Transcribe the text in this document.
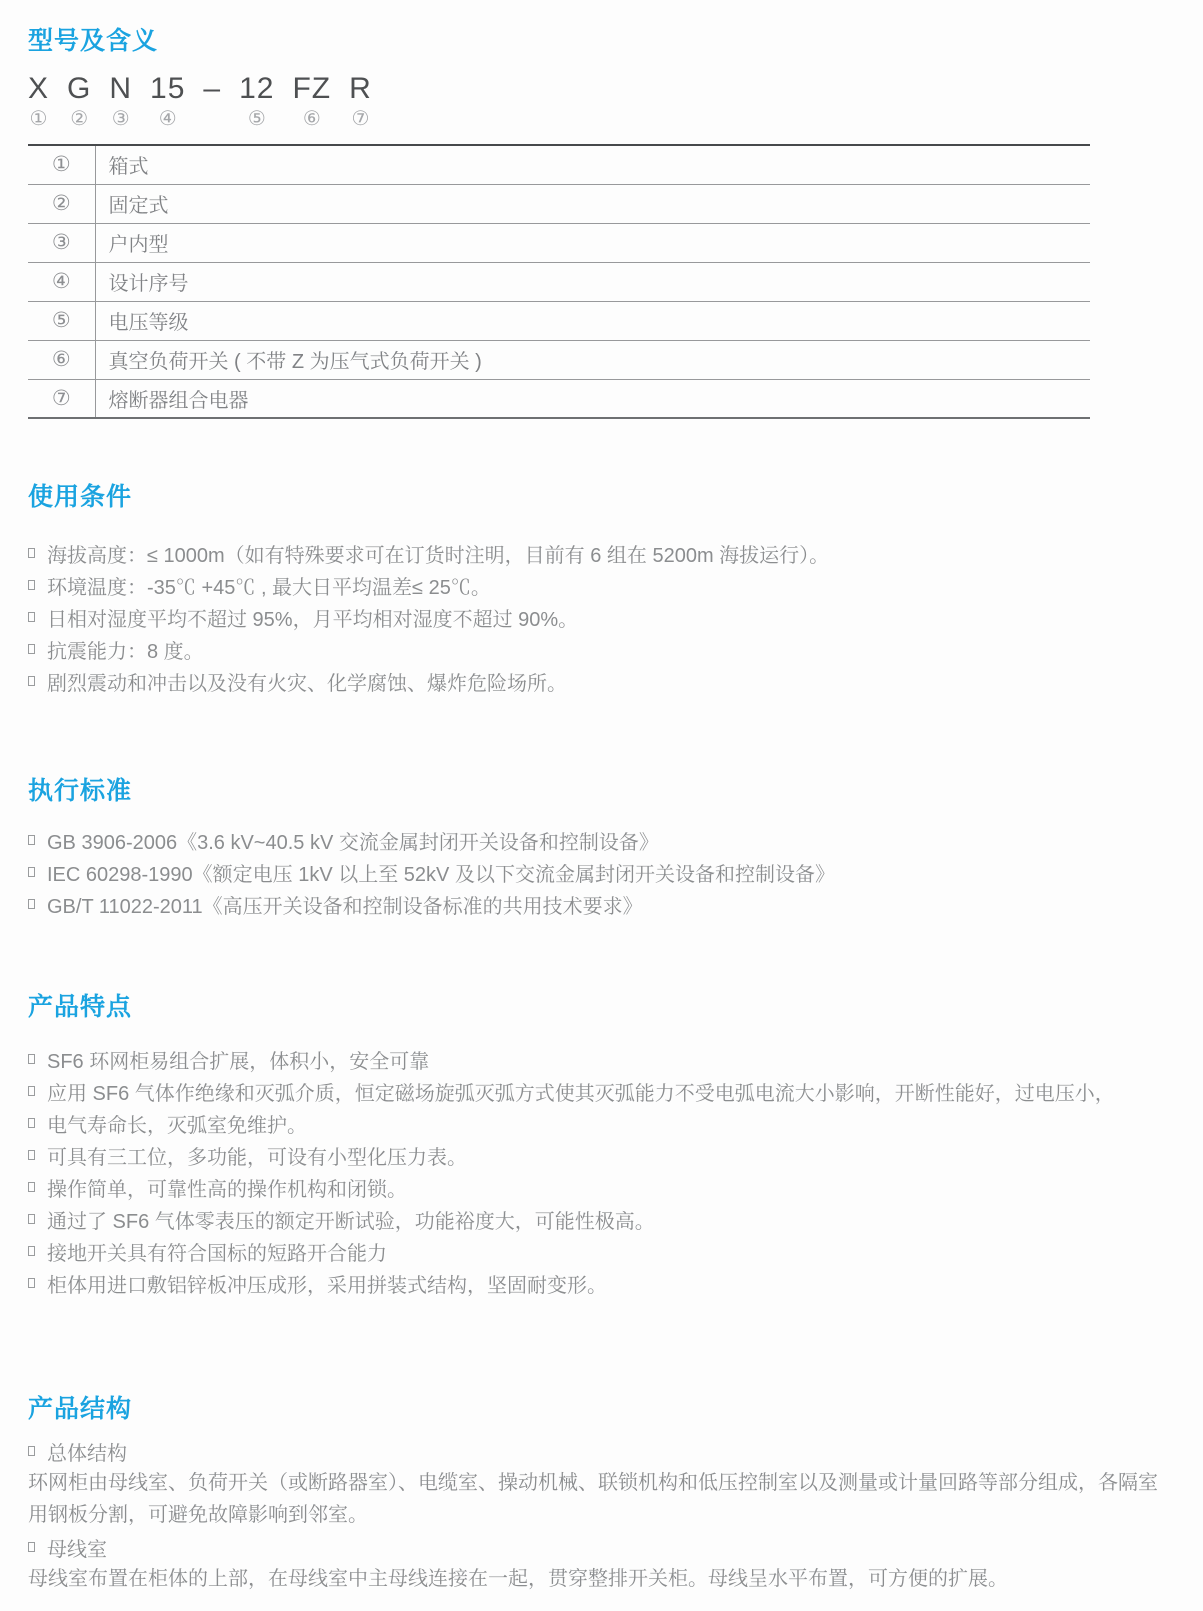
型号及含义
X
①
G
②
N
③
15
④
– 12
⑤
FZ
⑥
R
⑦
①	箱式
②	固定式
③	户内型
④	设计序号
⑤	电压等级
⑥	真空负荷开关 ( 不带 Z 为压气式负荷开关 )
⑦	熔断器组合电器
使用条件
海拔高度：≤ 1000m（如有特殊要求可在订货时注明，目前有 6 组在 5200m 海拔运行）。
环境温度：-35℃ +45℃ , 最大日平均温差≤ 25℃。
日相对湿度平均不超过 95%，月平均相对湿度不超过 90%。
抗震能力：8 度。
剧烈震动和冲击以及没有火灾、化学腐蚀、爆炸危险场所。
执行标准
GB 3906-2006《3.6 kV~40.5 kV 交流金属封闭开关设备和控制设备》
IEC 60298-1990《额定电压 1kV 以上至 52kV 及以下交流金属封闭开关设备和控制设备》
GB/T 11022-2011《高压开关设备和控制设备标准的共用技术要求》
产品特点
SF6 环网柜易组合扩展，体积小，安全可靠
应用 SF6 气体作绝缘和灭弧介质，恒定磁场旋弧灭弧方式使其灭弧能力不受电弧电流大小影响，开断性能好，过电压小，
电气寿命长，灭弧室免维护。
可具有三工位，多功能，可设有小型化压力表。
操作简单，可靠性高的操作机构和闭锁。
通过了 SF6 气体零表压的额定开断试验，功能裕度大，可能性极高。
接地开关具有符合国标的短路开合能力
柜体用进口敷铝锌板冲压成形，采用拼装式结构，坚固耐变形。
产品结构
总体结构
环网柜由母线室、负荷开关（或断路器室）、电缆室、操动机械、联锁机构和低压控制室以及测量或计量回路等部分组成，各隔室用钢板分割，可避免故障影响到邻室。
母线室
母线室布置在柜体的上部，在母线室中主母线连接在一起，贯穿整排开关柜。母线呈水平布置，可方便的扩展。
